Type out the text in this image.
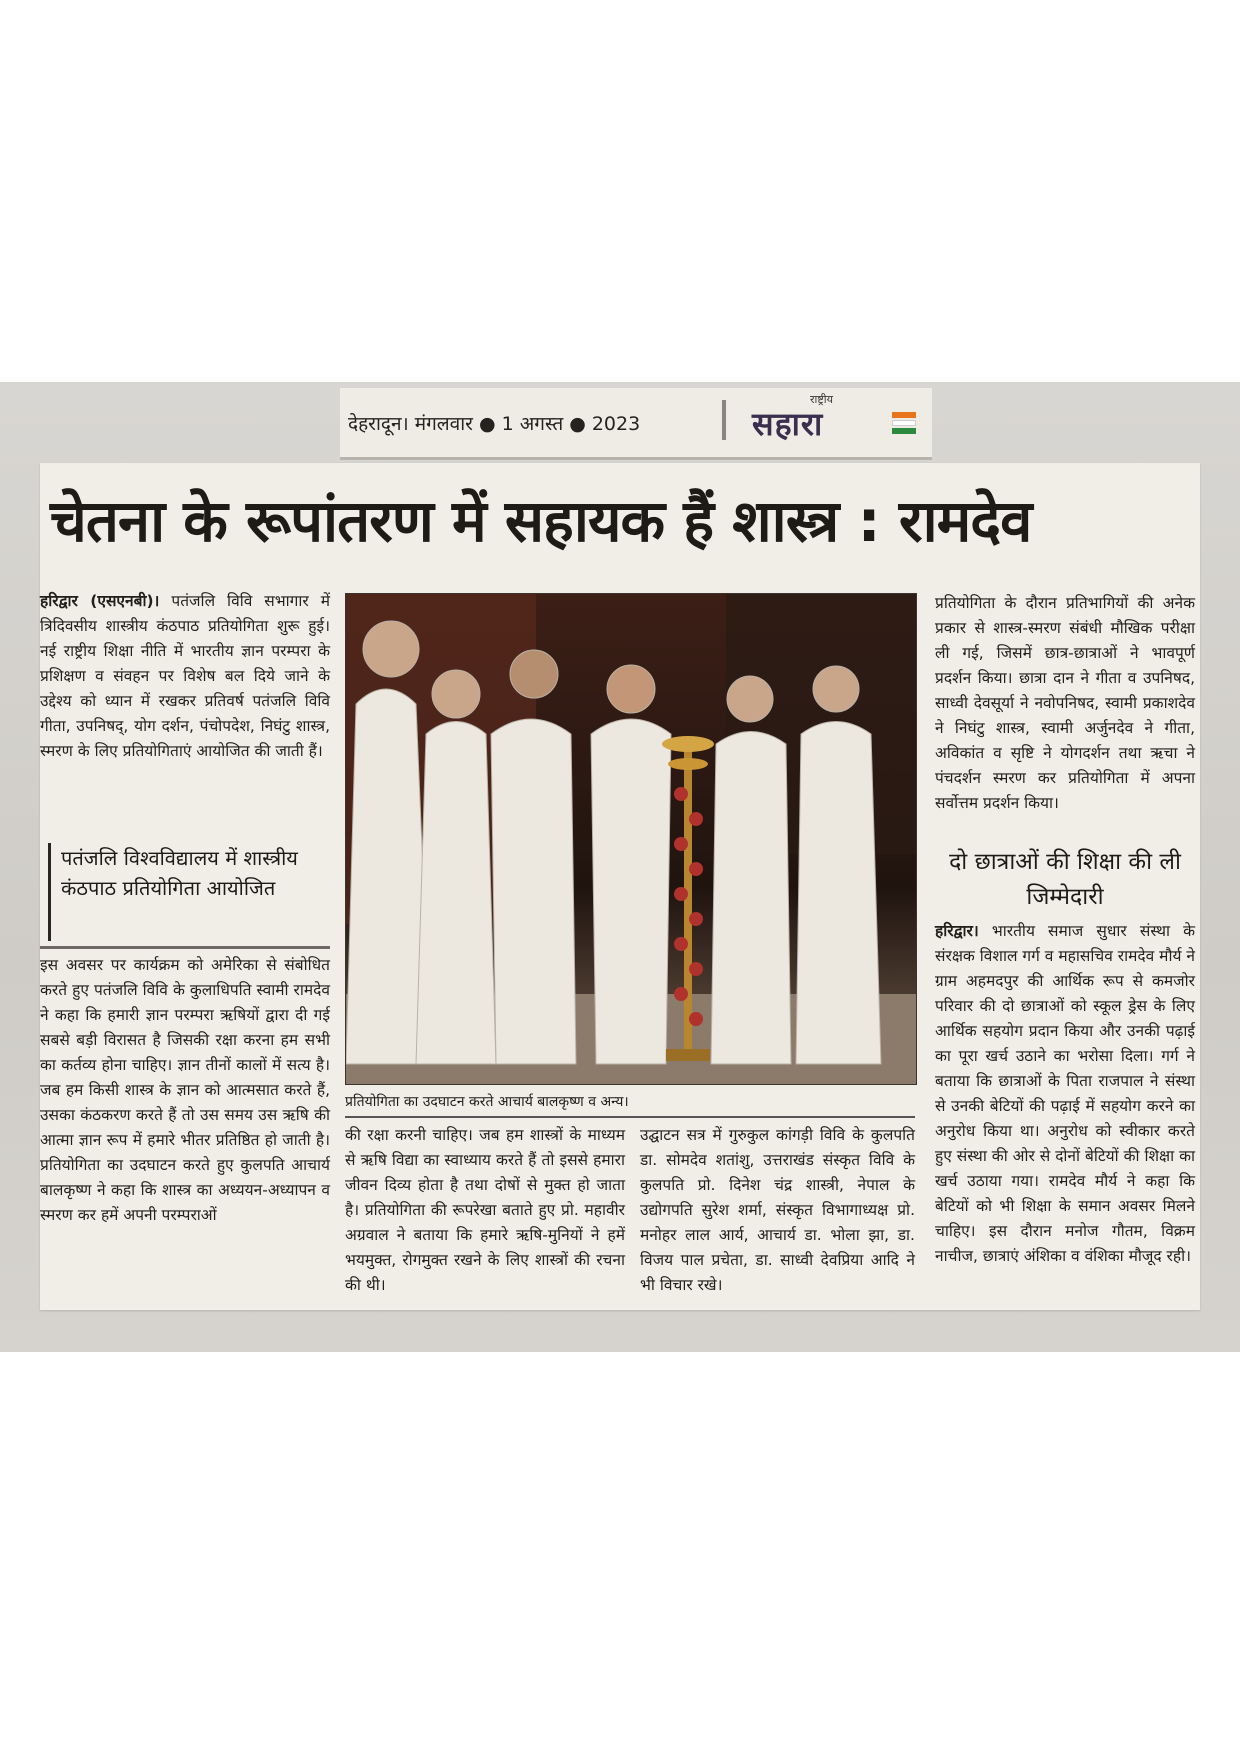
देहरादून। मंगलवार ● 1 अगस्त ● 2023
राष्ट्रीय
सहारा
चेतना के रूपांतरण में सहायक हैं शास्त्र : रामदेव

हरिद्वार (एसएनबी)। पतंजलि विवि सभागार में त्रिदिवसीय शास्त्रीय कंठपाठ प्रतियोगिता शुरू हुई। नई राष्ट्रीय शिक्षा नीति में भारतीय ज्ञान परम्परा के प्रशिक्षण व संवहन पर विशेष बल दिये जाने के उद्देश्य को ध्यान में रखकर प्रतिवर्ष पतंजलि विवि गीता, उपनिषद्, योग दर्शन, पंचोपदेश, निघंटु शास्त्र, स्मरण के लिए प्रतियोगिताएं आयोजित की जाती हैं।

पतंजलि विश्वविद्यालय में शास्त्रीय कंठपाठ प्रतियोगिता आयोजित

इस अवसर पर कार्यक्रम को अमेरिका से संबोधित करते हुए पतंजलि विवि के कुलाधिपति स्वामी रामदेव ने कहा कि हमारी ज्ञान परम्परा ऋषियों द्वारा दी गई सबसे बड़ी विरासत है जिसकी रक्षा करना हम सभी का कर्तव्य होना चाहिए। ज्ञान तीनों कालों में सत्य है। जब हम किसी शास्त्र के ज्ञान को आत्मसात करते हैं, उसका कंठकरण करते हैं तो उस समय उस ऋषि की आत्मा ज्ञान रूप में हमारे भीतर प्रतिष्ठित हो जाती है। प्रतियोगिता का उदघाटन करते हुए कुलपति आचार्य बालकृष्ण ने कहा कि शास्त्र का अध्ययन-अध्यापन व स्मरण कर हमें अपनी परम्पराओं

प्रतियोगिता का उदघाटन करते आचार्य बालकृष्ण व अन्य।

की रक्षा करनी चाहिए। जब हम शास्त्रों के माध्यम से ऋषि विद्या का स्वाध्याय करते हैं तो इससे हमारा जीवन दिव्य होता है तथा दोषों से मुक्त हो जाता है। प्रतियोगिता की रूपरेखा बताते हुए प्रो. महावीर अग्रवाल ने बताया कि हमारे ऋषि-मुनियों ने हमें भयमुक्त, रोगमुक्त रखने के लिए शास्त्रों की रचना की थी।

उद्घाटन सत्र में गुरुकुल कांगड़ी विवि के कुलपति डा. सोमदेव शतांशु, उत्तराखंड संस्कृत विवि के कुलपति प्रो. दिनेश चंद्र शास्त्री, नेपाल के उद्योगपति सुरेश शर्मा, संस्कृत विभागाध्यक्ष प्रो. मनोहर लाल आर्य, आचार्य डा. भोला झा, डा. विजय पाल प्रचेता, डा. साध्वी देवप्रिया आदि ने भी विचार रखे।

प्रतियोगिता के दौरान प्रतिभागियों की अनेक प्रकार से शास्त्र-स्मरण संबंधी मौखिक परीक्षा ली गई, जिसमें छात्र-छात्राओं ने भावपूर्ण प्रदर्शन किया। छात्रा दान ने गीता व उपनिषद, साध्वी देवसूर्या ने नवोपनिषद, स्वामी प्रकाशदेव ने निघंटु शास्त्र, स्वामी अर्जुनदेव ने गीता, अविकांत व सृष्टि ने योगदर्शन तथा ऋचा ने पंचदर्शन स्मरण कर प्रतियोगिता में अपना सर्वोत्तम प्रदर्शन किया।

दो छात्राओं की शिक्षा की ली जिम्मेदारी

हरिद्वार। भारतीय समाज सुधार संस्था के संरक्षक विशाल गर्ग व महासचिव रामदेव मौर्य ने ग्राम अहमदपुर की आर्थिक रूप से कमजोर परिवार की दो छात्राओं को स्कूल ड्रेस के लिए आर्थिक सहयोग प्रदान किया और उनकी पढ़ाई का पूरा खर्च उठाने का भरोसा दिला। गर्ग ने बताया कि छात्राओं के पिता राजपाल ने संस्था से उनकी बेटियों की पढ़ाई में सहयोग करने का अनुरोध किया था। अनुरोध को स्वीकार करते हुए संस्था की ओर से दोनों बेटियों की शिक्षा का खर्च उठाया गया। रामदेव मौर्य ने कहा कि बेटियों को भी शिक्षा के समान अवसर मिलने चाहिए। इस दौरान मनोज गौतम, विक्रम नाचीज, छात्राएं अंशिका व वंशिका मौजूद रही।
